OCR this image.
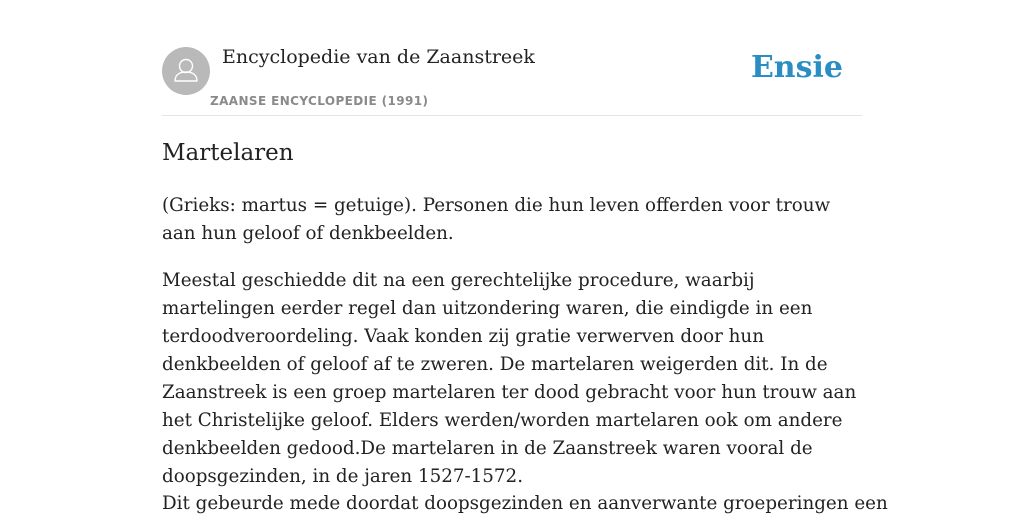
Encyclopedie van de Zaanstreek
ZAANSE ENCYCLOPEDIE (1991)
Ensie
Martelaren

(Grieks: martus = getuige). Personen die hun leven offerden voor trouw aan hun geloof of denkbeelden.

Meestal geschiedde dit na een gerechtelijke procedure, waarbij martelingen eerder regel dan uitzondering waren, die eindigde in een terdoodveroordeling. Vaak konden zij gratie verwerven door hun denkbeelden of geloof af te zweren. De martelaren weigerden dit. In de Zaanstreek is een groep martelaren ter dood gebracht voor hun trouw aan het Christelijke geloof. Elders werden/worden martelaren ook om andere denkbeelden gedood.De martelaren in de Zaanstreek waren vooral de doopsgezinden, in de jaren 1527-1572.

Dit gebeurde mede doordat doopsgezinden en aanverwante groeperingen een
